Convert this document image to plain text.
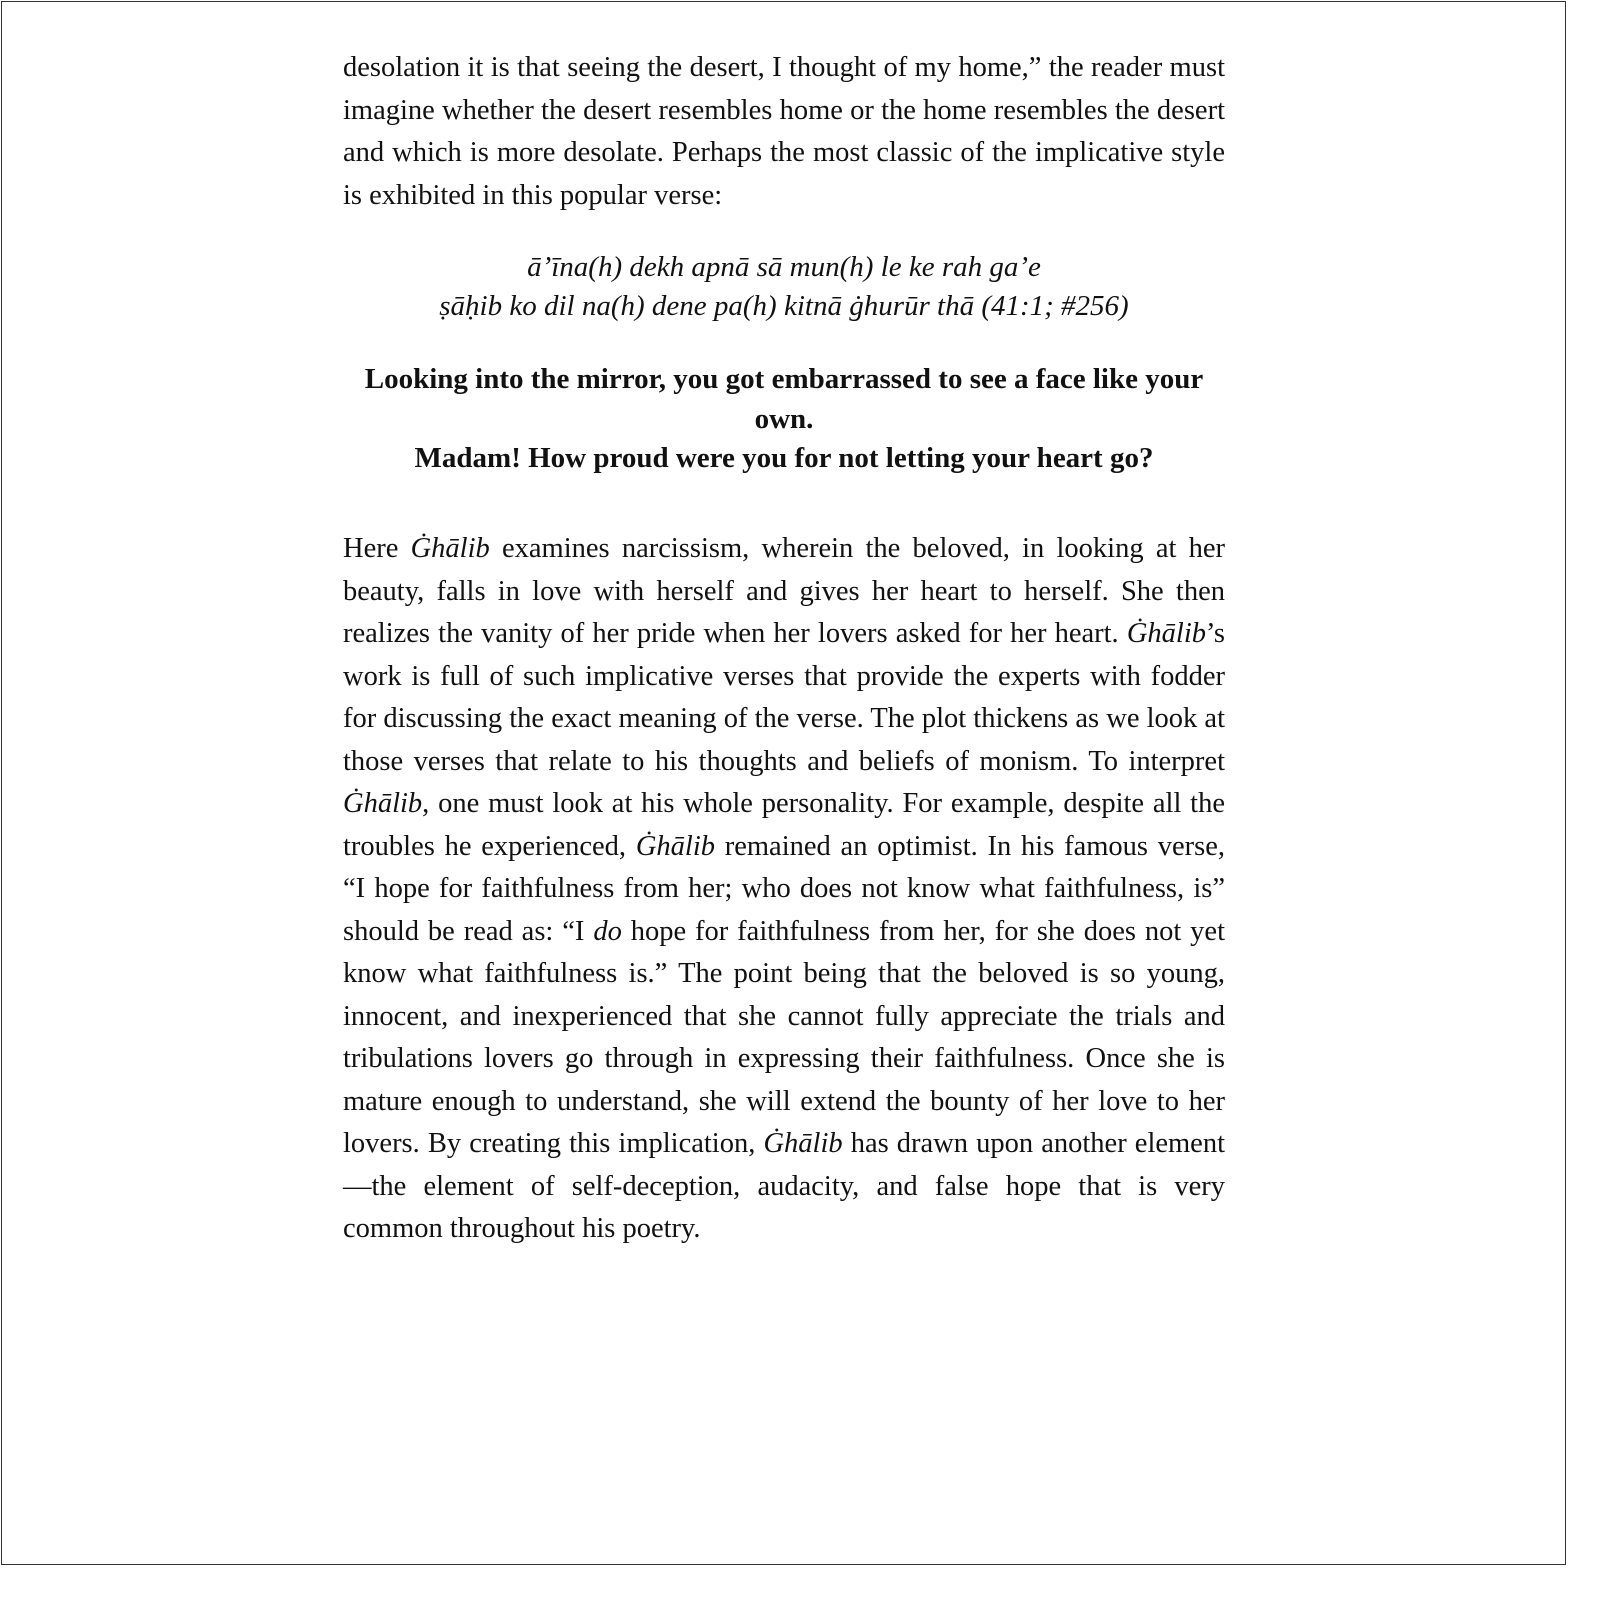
desolation it is that seeing the desert, I thought of my home,” the reader must imagine whether the desert resembles home or the home resembles the desert and which is more desolate. Perhaps the most classic of the implicative style is exhibited in this popular verse:

ā’īna(h) dekh apnā sā mun(h) le ke rah ga’e
ṣāḥib ko dil na(h) dene pa(h) kitnā ġhurūr thā (41:1; #256)
Looking into the mirror, you got embarrassed to see a face like your own.
Madam! How proud were you for not letting your heart go?

Here Ġhālib examines narcissism, wherein the beloved, in looking at her beauty, falls in love with herself and gives her heart to herself. She then realizes the vanity of her pride when her lovers asked for her heart. Ġhālib’s work is full of such implicative verses that provide the experts with fodder for discussing the exact meaning of the verse. The plot thickens as we look at those verses that relate to his thoughts and beliefs of monism. To interpret Ġhālib, one must look at his whole personality. For example, despite all the troubles he experienced, Ġhālib remained an optimist. In his famous verse, “I hope for faithfulness from her; who does not know what faithfulness, is” should be read as: “I do hope for faithfulness from her, for she does not yet know what faithfulness is.” The point being that the beloved is so young, innocent, and inexperienced that she cannot fully appreciate the trials and tribulations lovers go through in expressing their faithfulness. Once she is mature enough to understand, she will extend the bounty of her love to her lovers. By creating this implication, Ġhālib has drawn upon another element—the element of self-deception, audacity, and false hope that is very common throughout his poetry.
